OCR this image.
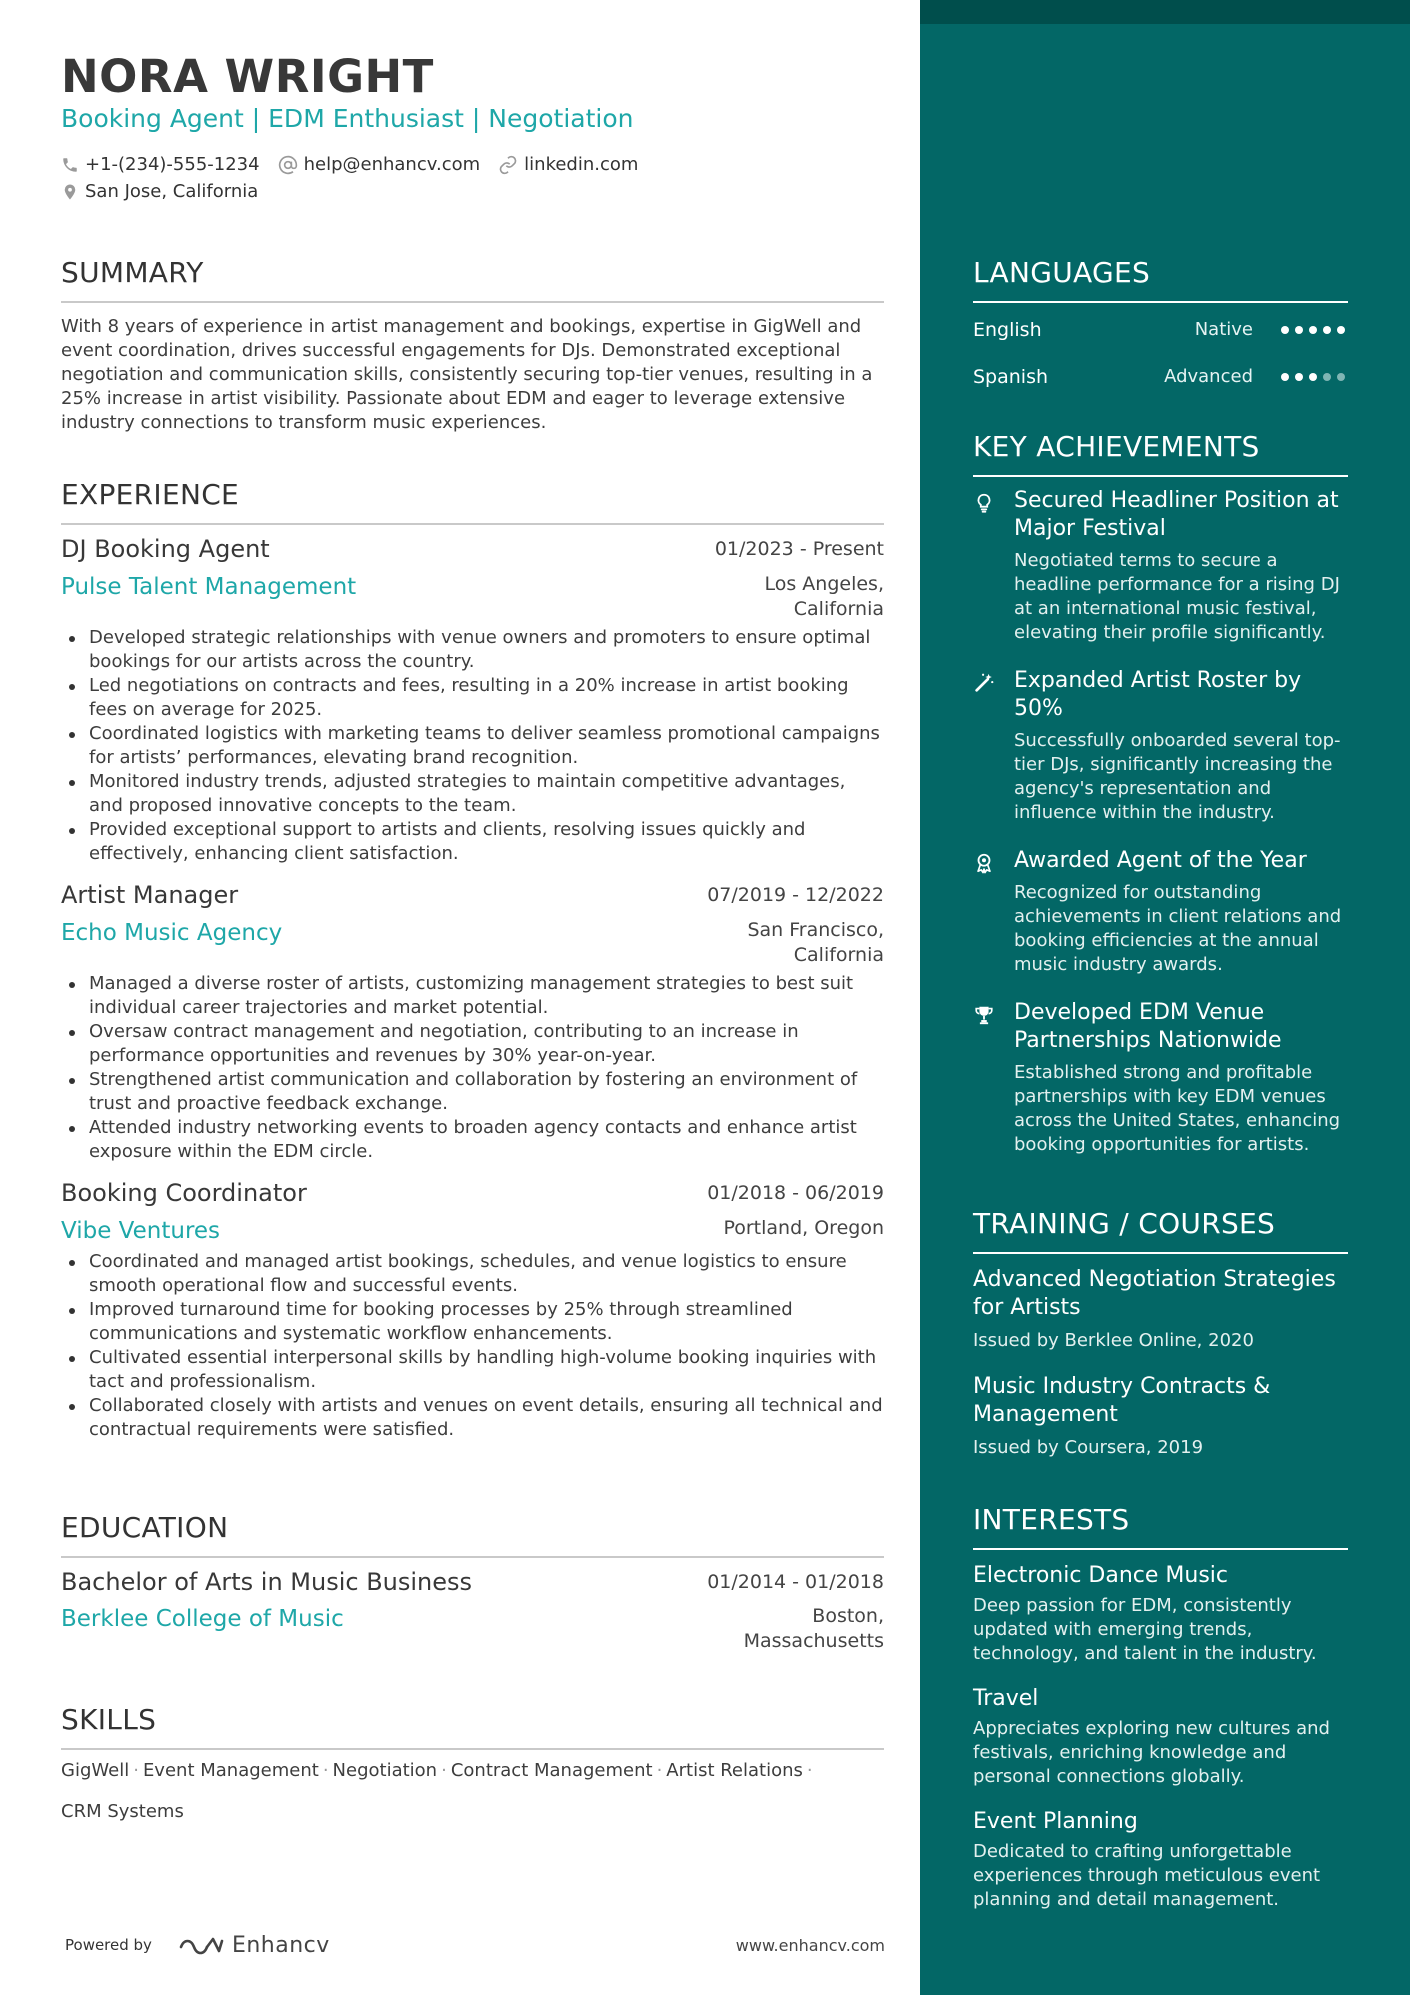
NORA WRIGHT
Booking Agent | EDM Enthusiast | Negotiation
+1-(234)-555-1234 help@enhancv.com linkedin.com
San Jose, California
SUMMARY
With 8 years of experience in artist management and bookings, expertise in GigWell and event coordination, drives successful engagements for DJs. Demonstrated exceptional negotiation and communication skills, consistently securing top-tier venues, resulting in a 25% increase in artist visibility. Passionate about EDM and eager to leverage extensive industry connections to transform music experiences.
EXPERIENCE
DJ Booking Agent	01/2023 - Present
Pulse Talent Management	Los Angeles,
California
Developed strategic relationships with venue owners and promoters to ensure optimal bookings for our artists across the country.
Led negotiations on contracts and fees, resulting in a 20% increase in artist booking fees on average for 2025.
Coordinated logistics with marketing teams to deliver seamless promotional campaigns for artists’ performances, elevating brand recognition.
Monitored industry trends, adjusted strategies to maintain competitive advantages, and proposed innovative concepts to the team.
Provided exceptional support to artists and clients, resolving issues quickly and effectively, enhancing client satisfaction.
Artist Manager	07/2019 - 12/2022
Echo Music Agency	San Francisco,
California
Managed a diverse roster of artists, customizing management strategies to best suit individual career trajectories and market potential.
Oversaw contract management and negotiation, contributing to an increase in performance opportunities and revenues by 30% year-on-year.
Strengthened artist communication and collaboration by fostering an environment of trust and proactive feedback exchange.
Attended industry networking events to broaden agency contacts and enhance artist exposure within the EDM circle.
Booking Coordinator	01/2018 - 06/2019
Vibe Ventures	Portland, Oregon
Coordinated and managed artist bookings, schedules, and venue logistics to ensure smooth operational flow and successful events.
Improved turnaround time for booking processes by 25% through streamlined communications and systematic workflow enhancements.
Cultivated essential interpersonal skills by handling high-volume booking inquiries with tact and professionalism.
Collaborated closely with artists and venues on event details, ensuring all technical and contractual requirements were satisfied.
EDUCATION
Bachelor of Arts in Music Business	01/2014 - 01/2018
Berklee College of Music	Boston,
Massachusetts
SKILLS
GigWell · Event Management · Negotiation · Contract Management · Artist Relations ·
CRM Systems
Powered by	Enhancv	www.enhancv.com
LANGUAGES
English	Native
Spanish	Advanced
KEY ACHIEVEMENTS
Secured Headliner Position at Major Festival
Negotiated terms to secure a headline performance for a rising DJ at an international music festival, elevating their profile significantly.
Expanded Artist Roster by 50%
Successfully onboarded several top-tier DJs, significantly increasing the agency's representation and influence within the industry.
Awarded Agent of the Year
Recognized for outstanding achievements in client relations and booking efficiencies at the annual music industry awards.
Developed EDM Venue Partnerships Nationwide
Established strong and profitable partnerships with key EDM venues across the United States, enhancing booking opportunities for artists.
TRAINING / COURSES
Advanced Negotiation Strategies for Artists
Issued by Berklee Online, 2020
Music Industry Contracts & Management
Issued by Coursera, 2019
INTERESTS
Electronic Dance Music
Deep passion for EDM, consistently updated with emerging trends, technology, and talent in the industry.
Travel
Appreciates exploring new cultures and festivals, enriching knowledge and personal connections globally.
Event Planning
Dedicated to crafting unforgettable experiences through meticulous event planning and detail management.
